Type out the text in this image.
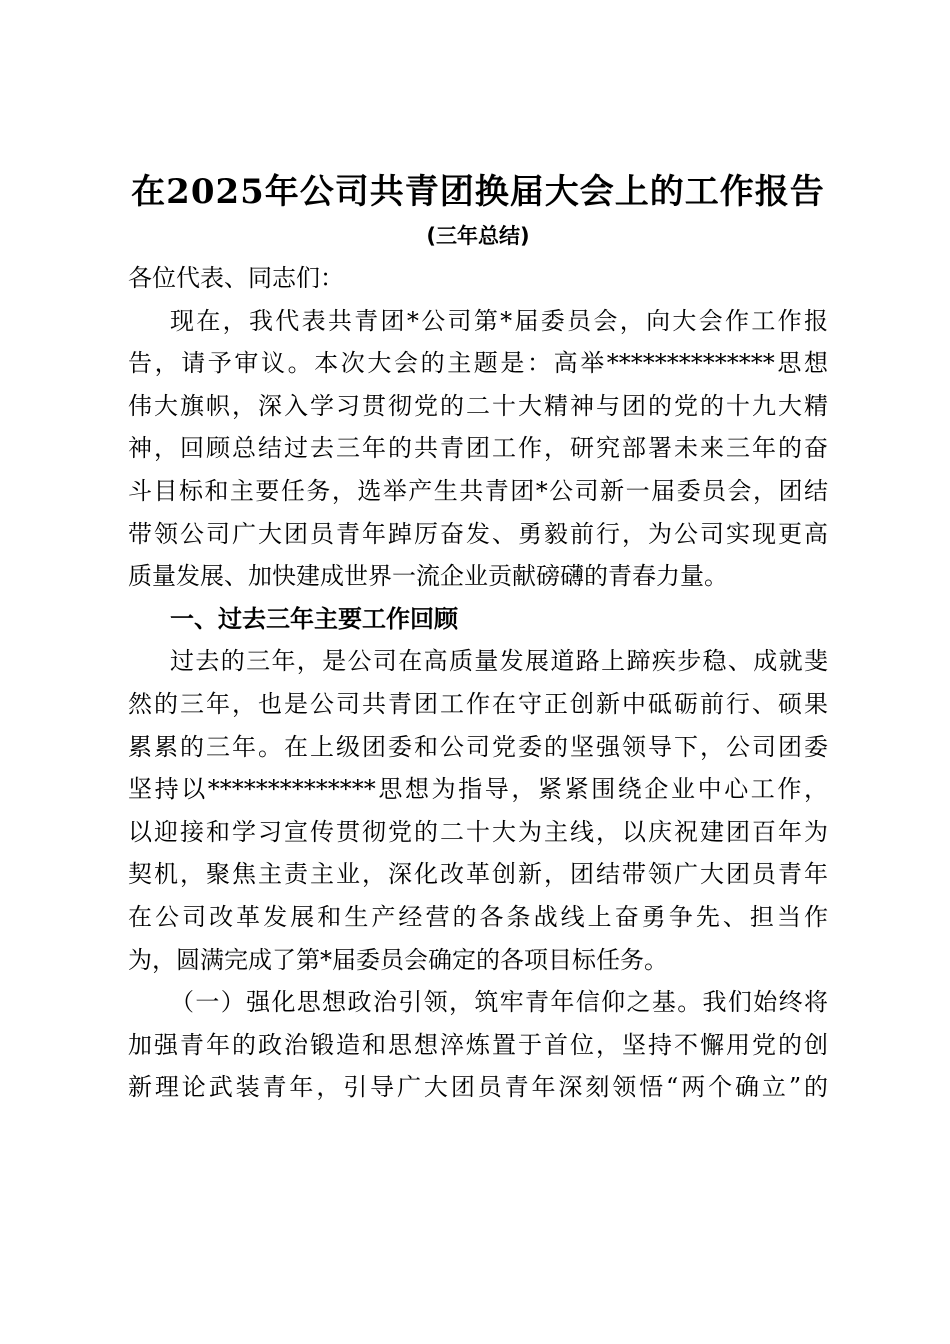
在2025年公司共青团换届大会上的工作报告
(三年总结)
各位代表、同志们：
现在，我代表共青团*公司第*届委员会，向大会作工作报
告，请予审议。本次大会的主题是：高举**************思想
伟大旗帜，深入学习贯彻党的二十大精神与团的党的十九大精
神，回顾总结过去三年的共青团工作，研究部署未来三年的奋
斗目标和主要任务，选举产生共青团*公司新一届委员会，团结
带领公司广大团员青年踔厉奋发、勇毅前行，为公司实现更高
质量发展、加快建成世界一流企业贡献磅礴的青春力量。
一、过去三年主要工作回顾
过去的三年，是公司在高质量发展道路上蹄疾步稳、成就斐
然的三年，也是公司共青团工作在守正创新中砥砺前行、硕果
累累的三年。在上级团委和公司党委的坚强领导下，公司团委
坚持以**************思想为指导，紧紧围绕企业中心工作，
以迎接和学习宣传贯彻党的二十大为主线，以庆祝建团百年为
契机，聚焦主责主业，深化改革创新，团结带领广大团员青年
在公司改革发展和生产经营的各条战线上奋勇争先、担当作
为，圆满完成了第*届委员会确定的各项目标任务。
（一）强化思想政治引领，筑牢青年信仰之基。我们始终将
加强青年的政治锻造和思想淬炼置于首位，坚持不懈用党的创
新理论武装青年，引导广大团员青年深刻领悟“两个确立”的
